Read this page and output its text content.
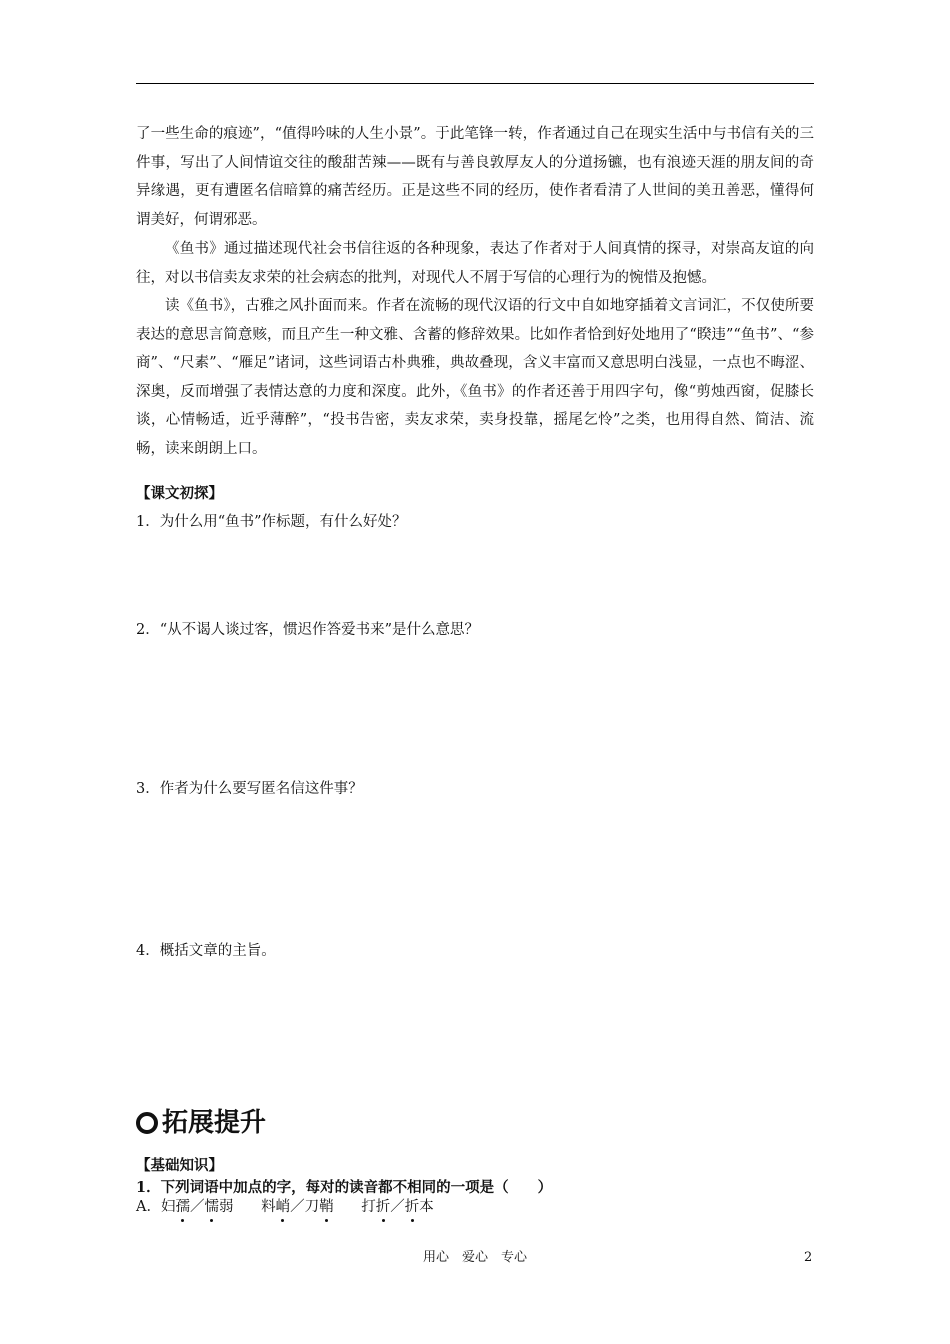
了一些生命的痕迹”，“值得吟味的人生小景”。于此笔锋一转，作者通过自己在现实生活中与书信有关的三件事，写出了人间情谊交往的酸甜苦辣——既有与善良敦厚友人的分道扬镳，也有浪迹天涯的朋友间的奇异缘遇，更有遭匿名信暗算的痛苦经历。正是这些不同的经历，使作者看清了人世间的美丑善恶，懂得何谓美好，何谓邪恶。

《鱼书》通过描述现代社会书信往返的各种现象，表达了作者对于人间真情的探寻，对崇高友谊的向往，对以书信卖友求荣的社会病态的批判，对现代人不屑于写信的心理行为的惋惜及抱憾。

读《鱼书》，古雅之风扑面而来。作者在流畅的现代汉语的行文中自如地穿插着文言词汇，不仅使所要表达的意思言简意赅，而且产生一种文雅、含蓄的修辞效果。比如作者恰到好处地用了“睽违”“鱼书”、“参商”、“尺素”、“雁足”诸词，这些词语古朴典雅，典故叠现，含义丰富而又意思明白浅显，一点也不晦涩、深奥，反而增强了表情达意的力度和深度。此外，《鱼书》的作者还善于用四字句，像“剪烛西窗，促膝长谈，心情畅适，近乎薄醉”，“投书告密，卖友求荣，卖身投靠，摇尾乞怜”之类，也用得自然、简洁、流畅，读来朗朗上口。

【课文初探】

1．为什么用“鱼书”作标题，有什么好处？

2．“从不谒人谈过客，惯迟作答爱书来”是什么意思？

3．作者为什么要写匿名信这件事？

4．概括文章的主旨。

拓展提升

【基础知识】

1．下列词语中加点的字，每对的读音都不相同的一项是（　　）

A．妇孺／懦弱 料峭／刀鞘 打折／折本

用心　爱心　专心	2
